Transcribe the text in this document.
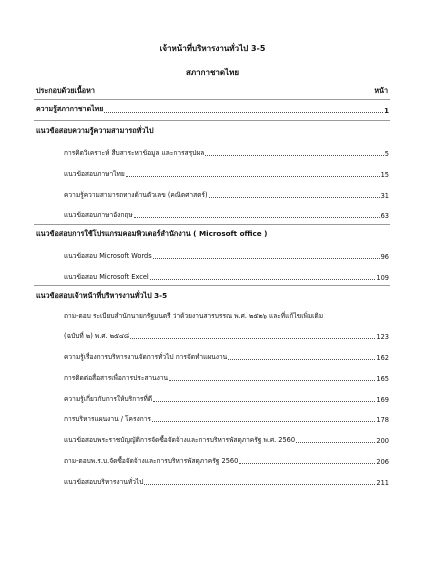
เจ้าหน้าที่บริหารงานทั่วไป 3-5
สภากาชาดไทย
ประกอบด้วยเนื้อหา	หน้า
ความรู้สภากาชาดไทย	1
แนวข้อสอบความรู้ความสามารถทั่วไป
การคิดวิเคราะห์ สืบสาระหาข้อมูล และการสรุปผล	5
แนวข้อสอบภาษาไทย	15
ความรู้ความสามารถทางด้านตัวเลข (คณิตศาสตร์)	31
แนวข้อสอบภาษาอังกฤษ	63
แนวข้อสอบการใช้โปรแกรมคอมพิวเตอร์สำนักงาน ( Microsoft office )
แนวข้อสอบ Microsoft Words	96
แนวข้อสอบ Microsoft Excel	109
แนวข้อสอบเจ้าหน้าที่บริหารงานทั่วไป 3-5
ถาม-ตอบ ระเบียบสำนักนายกรัฐมนตรี ว่าด้วยงานสารบรรณ พ.ศ. ๒๕๒๖ และที่แก้ไขเพิ่มเติม
(ฉบับที่ ๒) พ.ศ. ๒๕๔๘	123
ความรู้เรื่องการบริหารงานจัดการทั่วไป การจัดทำแผนงาน	162
การติดต่อสื่อสารเพื่อการประสานงาน	165
ความรู้เกี่ยวกับการให้บริการที่ดี	169
การบริหารแผนงาน / โครงการ	178
แนวข้อสอบพระราชบัญญัติการจัดซื้อจัดจ้างและการบริหารพัสดุภาครัฐ พ.ศ. 2560	200
ถาม-ตอบพ.ร.บ.จัดซื้อจัดจ้างและการบริหารพัสดุภาครัฐ 2560	206
แนวข้อสอบบริหารงานทั่วไป	211
